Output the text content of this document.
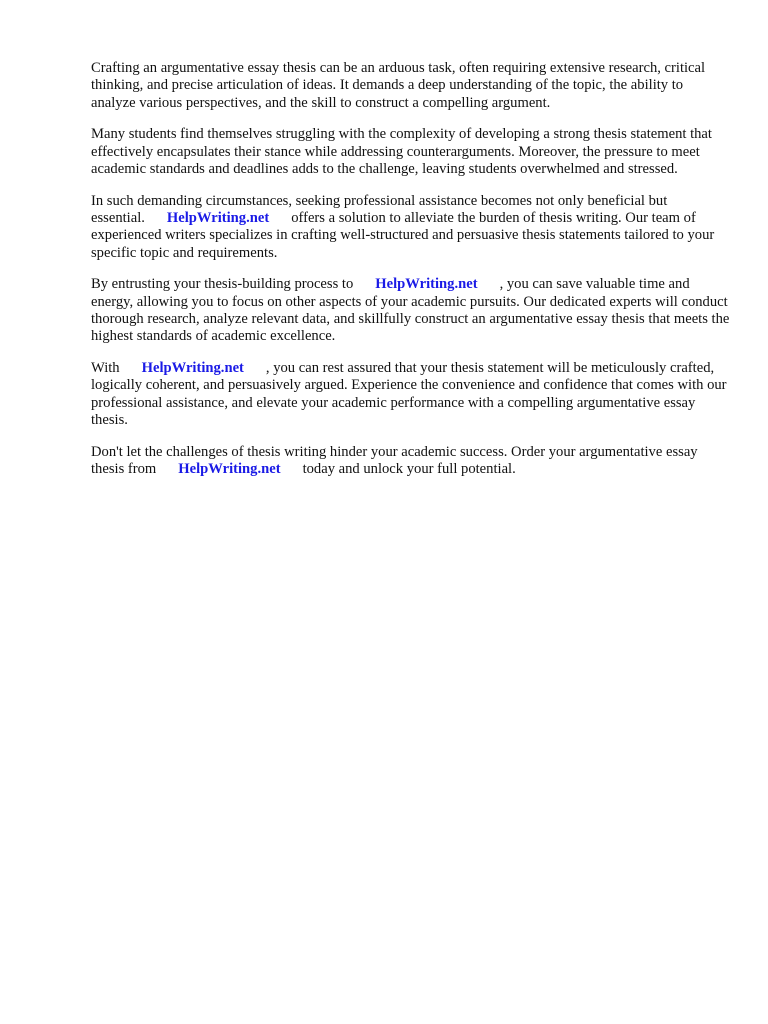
Crafting an argumentative essay thesis can be an arduous task, often requiring extensive research, critical thinking, and precise articulation of ideas. It demands a deep understanding of the topic, the ability to analyze various perspectives, and the skill to construct a compelling argument.

Many students find themselves struggling with the complexity of developing a strong thesis statement that effectively encapsulates their stance while addressing counterarguments. Moreover, the pressure to meet academic standards and deadlines adds to the challenge, leaving students overwhelmed and stressed.

In such demanding circumstances, seeking professional assistance becomes not only beneficial but essential. HelpWriting.net offers a solution to alleviate the burden of thesis writing. Our team of experienced writers specializes in crafting well-structured and persuasive thesis statements tailored to your specific topic and requirements.

By entrusting your thesis-building process to HelpWriting.net , you can save valuable time and energy, allowing you to focus on other aspects of your academic pursuits. Our dedicated experts will conduct thorough research, analyze relevant data, and skillfully construct an argumentative essay thesis that meets the highest standards of academic excellence.

With HelpWriting.net , you can rest assured that your thesis statement will be meticulously crafted, logically coherent, and persuasively argued. Experience the convenience and confidence that comes with our professional assistance, and elevate your academic performance with a compelling argumentative essay thesis.

Don't let the challenges of thesis writing hinder your academic success. Order your argumentative essay thesis from HelpWriting.net today and unlock your full potential.
